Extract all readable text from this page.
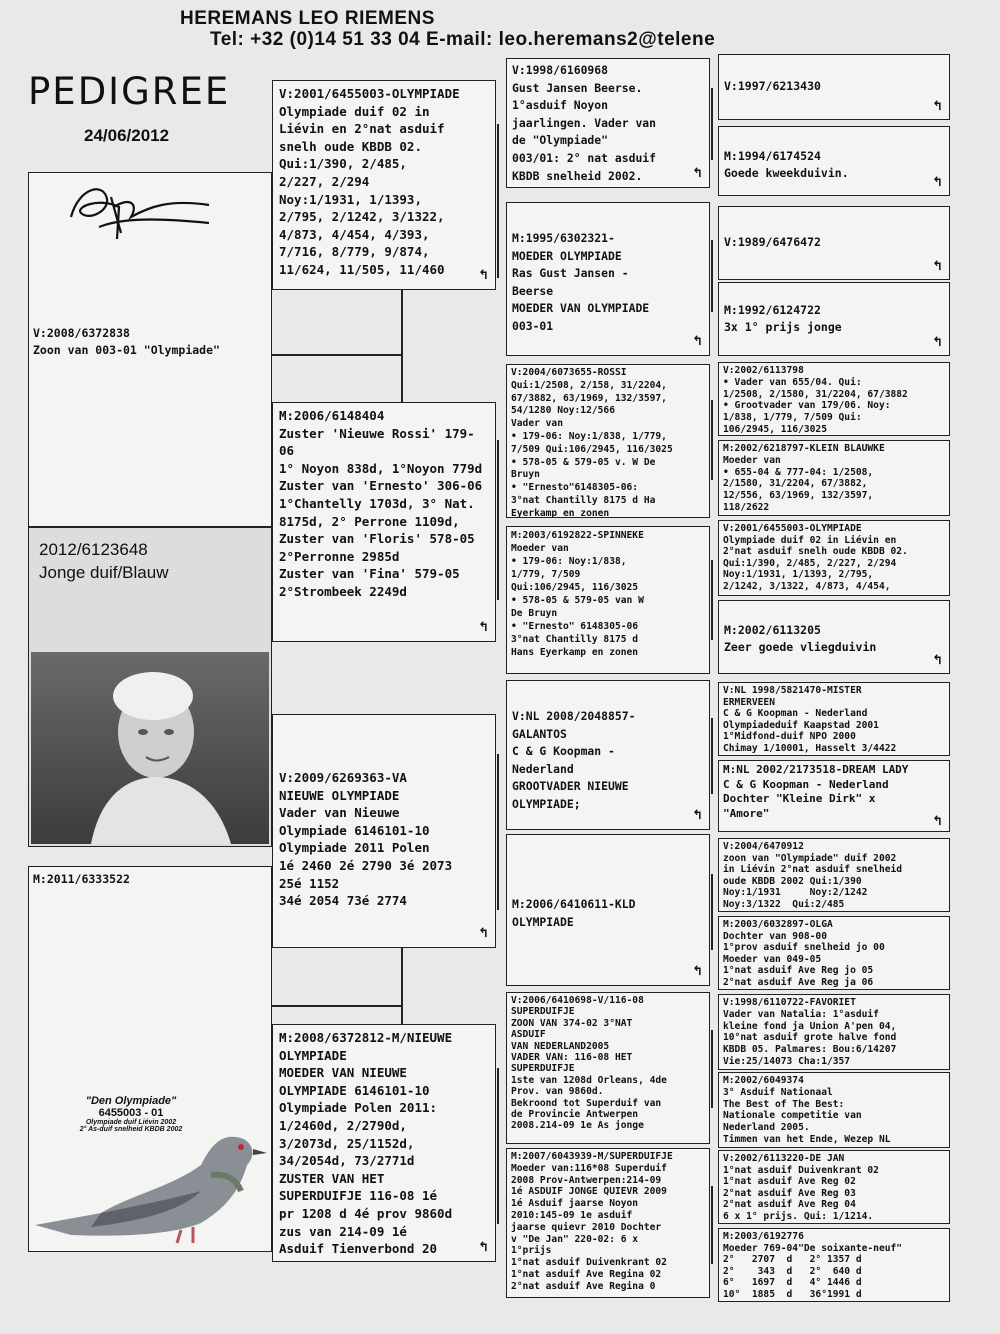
HEREMANS LEO RIEMENS
Tel: +32 (0)14 51 33 04 E-mail: leo.heremans2@telene
PEDIGREE
24/06/2012
V:2008/6372838
Zoon van 003-01 "Olympiade"
2012/6123648
Jonge duif/Blauw
M:2011/6333522
"Den Olympiade"
6455003 - 01
Olympiade duif Liévin 2002
2° As-duif snelheid KBDB 2002
V:2001/6455003-OLYMPIADE
Olympiade duif 02 in
Liévin en 2°nat asduif
snelh oude KBDB 02.
Qui:1/390, 2/485,
2/227, 2/294
Noy:1/1931, 1/1393,
2/795, 2/1242, 3/1322,
4/873, 4/454, 4/393,
7/716, 8/779, 9/874,
11/624, 11/505, 11/460	↰
M:2006/6148404
Zuster 'Nieuwe Rossi' 179-
06
1° Noyon 838d, 1°Noyon 779d
Zuster van 'Ernesto' 306-06
1°Chantelly 1703d, 3° Nat.
8175d, 2° Perrone 1109d,
Zuster van 'Floris' 578-05
2°Perronne 2985d
Zuster van 'Fina' 579-05
2°Strombeek 2249d
↰
V:2009/6269363-VA
NIEUWE OLYMPIADE
Vader van Nieuwe
Olympiade 6146101-10
Olympiade 2011 Polen
1é 2460 2é 2790 3é 2073
25é 1152
34é 2054 73é 2774
↰
M:2008/6372812-M/NIEUWE
OLYMPIADE
MOEDER VAN NIEUWE
OLYMPIADE 6146101-10
Olympiade Polen 2011:
1/2460d, 2/2790d,
3/2073d, 25/1152d,
34/2054d, 73/2771d
ZUSTER VAN HET
SUPERDUIFJE 116-08 1é
pr 1208 d 4é prov 9860d
zus van 214-09 1é
Asduif Tienverbond 20	↰
V:1998/6160968
Gust Jansen Beerse.
1°asduif Noyon
jaarlingen. Vader van
de "Olympiade"
003/01: 2° nat asduif
KBDB snelheid 2002.	↰
M:1995/6302321-
MOEDER OLYMPIADE
Ras Gust Jansen -
Beerse
MOEDER VAN OLYMPIADE
003-01
↰
V:2004/6073655-ROSSI
Qui:1/2508, 2/158, 31/2204,
67/3882, 63/1969, 132/3597,
54/1280 Noy:12/566
Vader van
• 179-06: Noy:1/838, 1/779,
7/509 Qui:106/2945, 116/3025
• 578-05 & 579-05 v. W De
Bruyn
• "Ernesto"6148305-06:
3°nat Chantilly 8175 d Ha
Eyerkamp en zonen
M:2003/6192822-SPINNEKE
Moeder van
• 179-06: Noy:1/838,
1/779, 7/509
Qui:106/2945, 116/3025
• 578-05 & 579-05 van W
De Bruyn
• "Ernesto" 6148305-06
3°nat Chantilly 8175 d
Hans Eyerkamp en zonen
V:NL 2008/2048857-
GALANTOS
C & G Koopman -
Nederland
GROOTVADER NIEUWE
OLYMPIADE;
↰
M:2006/6410611-KLD
OLYMPIADE
↰
V:2006/6410698-V/116-08
SUPERDUIFJE
ZOON VAN 374-02 3°NAT
ASDUIF
VAN NEDERLAND2005
VADER VAN: 116-08 HET
SUPERDUIFJE
1ste van 1208d Orleans, 4de
Prov. van 9860d.
Bekroond tot Superduif van
de Provincie Antwerpen
2008.214-09 1e As jonge
M:2007/6043939-M/SUPERDUIFJE
Moeder van:116*08 Superduif
2008 Prov-Antwerpen:214-09
1é ASDUIF JONGE QUIEVR 2009
1é Asduif jaarse Noyon
2010:145-09 1e asduif
jaarse quievr 2010 Dochter
v "De Jan" 220-02: 6 x
1°prijs
1°nat asduif Duivenkrant 02
1°nat asduif Ave Regina 02
2°nat asduif Ave Regina 0
V:1997/6213430
↰
M:1994/6174524
Goede kweekduivin.
↰
V:1989/6476472
↰
M:1992/6124722
3x 1° prijs jonge
↰
V:2002/6113798
• Vader van 655/04. Qui:
1/2508, 2/1580, 31/2204, 67/3882
• Grootvader van 179/06. Noy:
1/838, 1/779, 7/509 Qui:
106/2945, 116/3025
M:2002/6218797-KLEIN BLAUWKE
Moeder van
• 655-04 & 777-04: 1/2508,
2/1580, 31/2204, 67/3882,
12/556, 63/1969, 132/3597,
118/2622
V:2001/6455003-OLYMPIADE
Olympiade duif 02 in Liévin en
2°nat asduif snelh oude KBDB 02.
Qui:1/390, 2/485, 2/227, 2/294
Noy:1/1931, 1/1393, 2/795,
2/1242, 3/1322, 4/873, 4/454,
M:2002/6113205
Zeer goede vliegduivin
↰
V:NL 1998/5821470-MISTER
ERMERVEEN
C & G Koopman - Nederland
Olympiadeduif Kaapstad 2001
1°Midfond-duif NPO 2000
Chimay 1/10001, Hasselt 3/4422
M:NL 2002/2173518-DREAM LADY
C & G Koopman - Nederland
Dochter "Kleine Dirk" x
"Amore"
↰
V:2004/6470912
zoon van "Olympiade" duif 2002
in Liévin 2°nat asduif snelheid
oude KBDB 2002 Qui:1/390
Noy:1/1931     Noy:2/1242
Noy:3/1322  Qui:2/485
M:2003/6032897-OLGA
Dochter van 908-00
1°prov asduif snelheid jo 00
Moeder van 049-05
1°nat asduif Ave Reg jo 05
2°nat asduif Ave Reg ja 06
V:1998/6110722-FAVORIET
Vader van Natalia: 1°asduif
kleine fond ja Union A'pen 04,
10°nat asduif grote halve fond
KBDB 05. Palmares: Bou:6/14207
Vie:25/14073 Cha:1/357
M:2002/6049374
3° Asduif Nationaal
The Best of The Best:
Nationale competitie van
Nederland 2005.
Timmen van het Ende, Wezep NL
V:2002/6113220-DE JAN
1°nat asduif Duivenkrant 02
1°nat asduif Ave Reg 02
2°nat asduif Ave Reg 03
2°nat asduif Ave Reg 04
6 x 1° prijs. Qui: 1/1214.
M:2003/6192776
Moeder 769-04"De soixante-neuf"
2°   2707  d   2° 1357 d
2°    343  d   2°  640 d
6°   1697  d   4° 1446 d
10°  1885  d   36°1991 d
